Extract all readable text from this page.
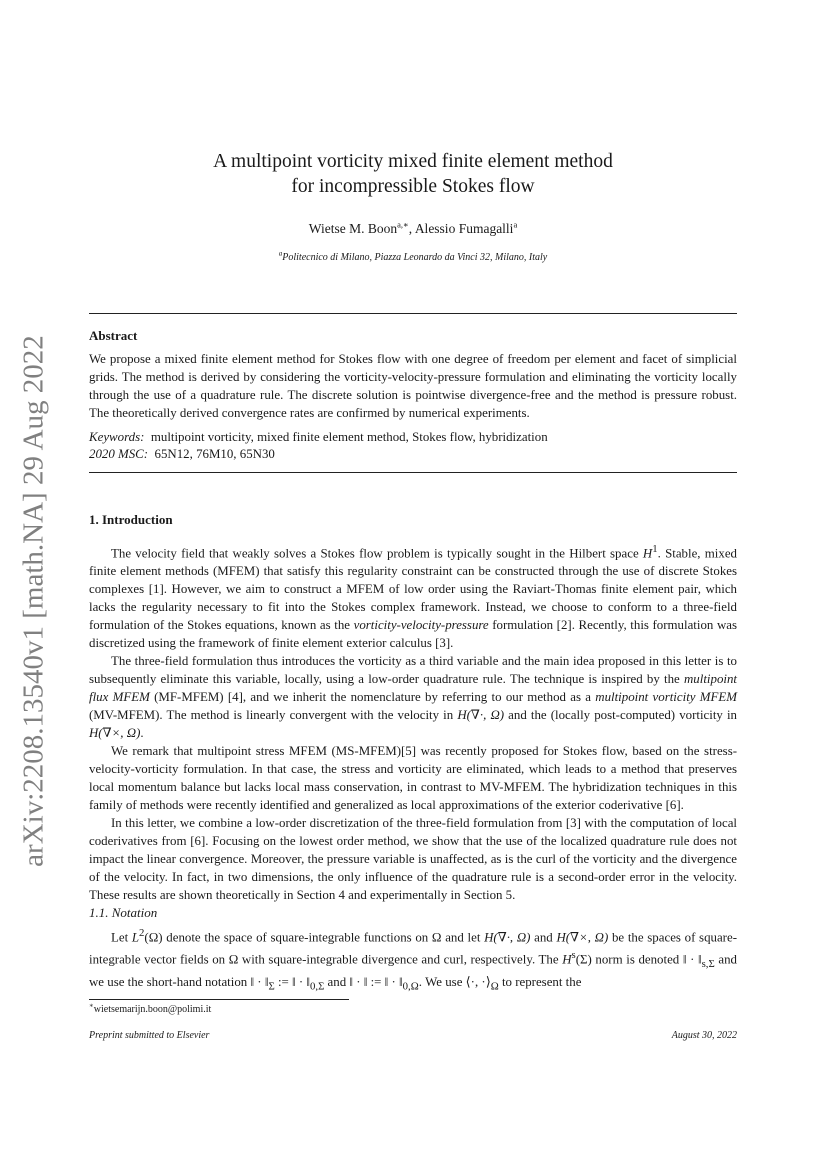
arXiv:2208.13540v1 [math.NA] 29 Aug 2022
A multipoint vorticity mixed finite element method
for incompressible Stokes flow
Wietse M. Boon$^{a,∗}$, Alessio Fumagalli$^a$
$^a$Politecnico di Milano, Piazza Leonardo da Vinci 32, Milano, Italy
Abstract

We propose a mixed finite element method for Stokes flow with one degree of freedom per element and facet of simplicial grids. The method is derived by considering the vorticity-velocity-pressure formulation and eliminating the vorticity locally through the use of a quadrature rule. The discrete solution is pointwise divergence-free and the method is pressure robust. The theoretically derived convergence rates are confirmed by numerical experiments.

Keywords: multipoint vorticity, mixed finite element method, Stokes flow, hybridization
2020 MSC: 65N12, 76M10, 65N30
1. Introduction

The velocity field that weakly solves a Stokes flow problem is typically sought in the Hilbert space $H^1$. Stable, mixed finite element methods (MFEM) that satisfy this regularity constraint can be constructed through the use of discrete Stokes complexes [1]. However, we aim to construct a MFEM of low order using the Raviart-Thomas finite element pair, which lacks the regularity necessary to fit into the Stokes complex framework. Instead, we choose to conform to a three-field formulation of the Stokes equations, known as the vorticity-velocity-pressure formulation [2]. Recently, this formulation was discretized using the framework of finite element exterior calculus [3].

The three-field formulation thus introduces the vorticity as a third variable and the main idea proposed in this letter is to subsequently eliminate this variable, locally, using a low-order quadrature rule. The technique is inspired by the multipoint flux MFEM (MF-MFEM) [4], and we inherit the nomenclature by referring to our method as a multipoint vorticity MFEM (MV-MFEM). The method is linearly convergent with the velocity in H(∇·, Ω) and the (locally post-computed) vorticity in H(∇×, Ω).

We remark that multipoint stress MFEM (MS-MFEM)[5] was recently proposed for Stokes flow, based on the stress-velocity-vorticity formulation. In that case, the stress and vorticity are eliminated, which leads to a method that preserves local momentum balance but lacks local mass conservation, in contrast to MV-MFEM. The hybridization techniques in this family of methods were recently identified and generalized as local approximations of the exterior coderivative [6].

In this letter, we combine a low-order discretization of the three-field formulation from [3] with the computation of local coderivatives from [6]. Focusing on the lowest order method, we show that the use of the localized quadrature rule does not impact the linear convergence. Moreover, the pressure variable is unaffected, as is the curl of the vorticity and the divergence of the velocity. In fact, in two dimensions, the only influence of the quadrature rule is a second-order error in the velocity. These results are shown theoretically in Section 4 and experimentally in Section 5.

1.1. Notation

Let $L^2(\Omega)$ denote the space of square-integrable functions on Ω and let H(∇·, Ω) and H(∇×, Ω) be the spaces of square-integrable vector fields on Ω with square-integrable divergence and curl, respectively. The $H^s(\Sigma)$ norm is denoted ‖ · $‖_{s,\Sigma}$ and we use the short-hand notation ‖ · $‖_\Sigma$ := ‖ · $‖_{0,\Sigma}$ and ‖ · ‖ := ‖ · $‖_{0,\Omega}$. We use ⟨·, $\cdot⟩_\Omega$ to represent the

∗wietsemarijn.boon@polimi.it
Preprint submitted to Elsevier	August 30, 2022
